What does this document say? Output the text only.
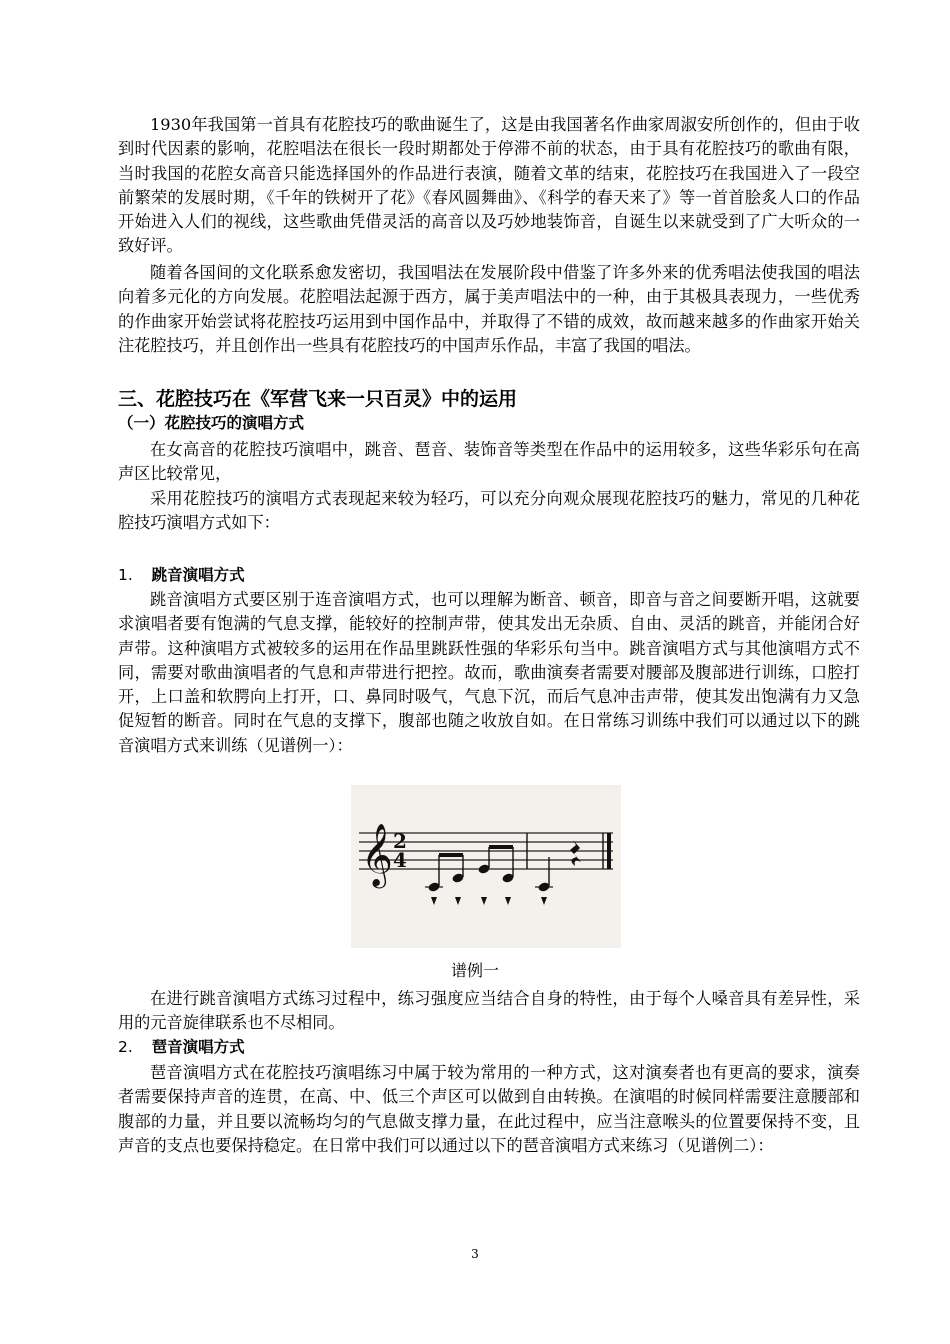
1930年我国第一首具有花腔技巧的歌曲诞生了，这是由我国著名作曲家周淑安所创作的，但由于收到时代因素的影响，花腔唱法在很长一段时期都处于停滞不前的状态，由于具有花腔技巧的歌曲有限，当时我国的花腔女高音只能选择国外的作品进行表演，随着文革的结束，花腔技巧在我国进入了一段空前繁荣的发展时期，《千年的铁树开了花》《春风圆舞曲》、《科学的春天来了》等一首首脍炙人口的作品开始进入人们的视线，这些歌曲凭借灵活的高音以及巧妙地装饰音，自诞生以来就受到了广大听众的一致好评。

随着各国间的文化联系愈发密切，我国唱法在发展阶段中借鉴了许多外来的优秀唱法使我国的唱法向着多元化的方向发展。花腔唱法起源于西方，属于美声唱法中的一种，由于其极具表现力，一些优秀的作曲家开始尝试将花腔技巧运用到中国作品中，并取得了不错的成效，故而越来越多的作曲家开始关注花腔技巧，并且创作出一些具有花腔技巧的中国声乐作品，丰富了我国的唱法。

三、花腔技巧在《军营飞来一只百灵》中的运用
（一）花腔技巧的演唱方式

在女高音的花腔技巧演唱中，跳音、琶音、装饰音等类型在作品中的运用较多，这些华彩乐句在高声区比较常见，

采用花腔技巧的演唱方式表现起来较为轻巧，可以充分向观众展现花腔技巧的魅力，常见的几种花腔技巧演唱方式如下：

1. 跳音演唱方式

跳音演唱方式要区别于连音演唱方式，也可以理解为断音、顿音，即音与音之间要断开唱，这就要求演唱者要有饱满的气息支撑，能较好的控制声带，使其发出无杂质、自由、灵活的跳音，并能闭合好声带。这种演唱方式被较多的运用在作品里跳跃性强的华彩乐句当中。跳音演唱方式与其他演唱方式不同，需要对歌曲演唱者的气息和声带进行把控。故而，歌曲演奏者需要对腰部及腹部进行训练，口腔打开，上口盖和软腭向上打开，口、鼻同时吸气，气息下沉，而后气息冲击声带，使其发出饱满有力又急促短暂的断音。同时在气息的支撑下，腹部也随之收放自如。在日常练习训练中我们可以通过以下的跳音演唱方式来训练（见谱例一）：

𝄞 2
4
谱例一

在进行跳音演唱方式练习过程中，练习强度应当结合自身的特性，由于每个人嗓音具有差异性，采用的元音旋律联系也不尽相同。

2. 琶音演唱方式

琶音演唱方式在花腔技巧演唱练习中属于较为常用的一种方式，这对演奏者也有更高的要求，演奏者需要保持声音的连贯，在高、中、低三个声区可以做到自由转换。在演唱的时候同样需要注意腰部和腹部的力量，并且要以流畅均匀的气息做支撑力量，在此过程中，应当注意喉头的位置要保持不变，且声音的支点也要保持稳定。在日常中我们可以通过以下的琶音演唱方式来练习（见谱例二）：

3
